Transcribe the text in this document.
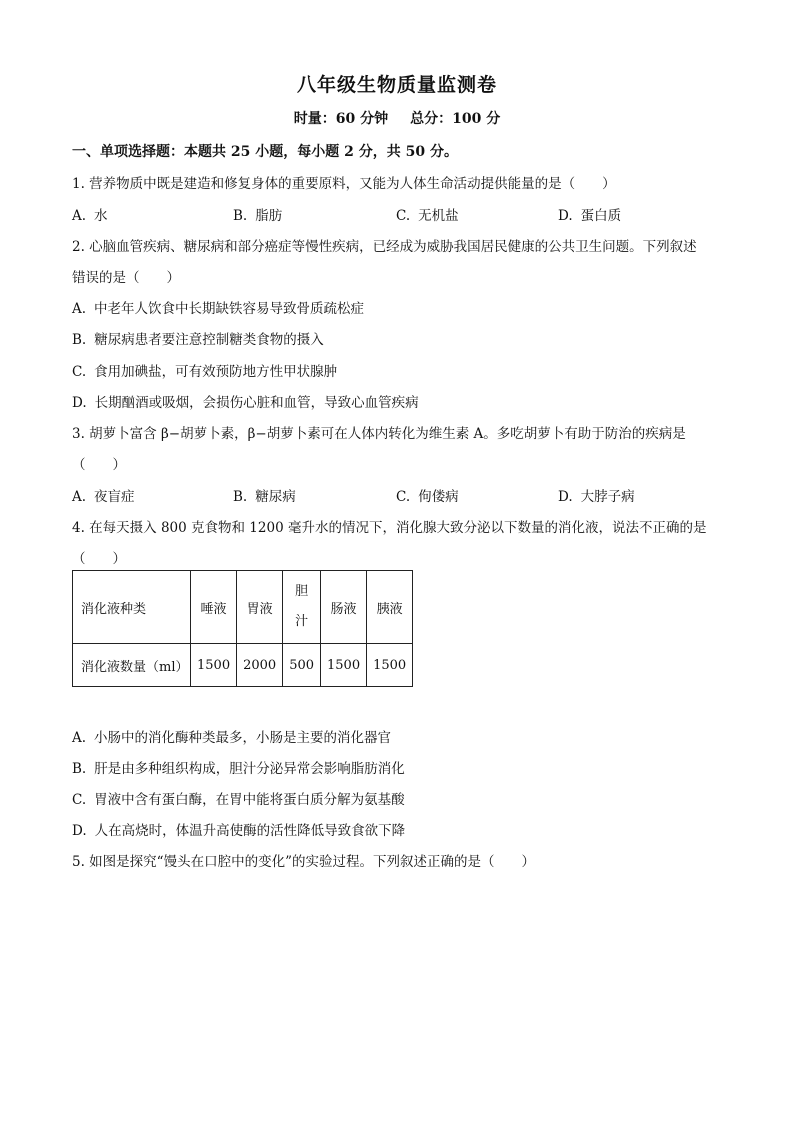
八年级生物质量监测卷
时量：60 分钟 总分：100 分
一、单项选择题：本题共 25 小题，每小题 2 分，共 50 分。
1. 营养物质中既是建造和修复身体的重要原料，又能为人体生命活动提供能量的是（　　）
A. 水	B. 脂肪	C. 无机盐	D. 蛋白质
2. 心脑血管疾病、糖尿病和部分癌症等慢性疾病，已经成为威胁我国居民健康的公共卫生问题。下列叙述
错误的是（　　）
A. 中老年人饮食中长期缺铁容易导致骨质疏松症
B. 糖尿病患者要注意控制糖类食物的摄入
C. 食用加碘盐，可有效预防地方性甲状腺肿
D. 长期酗酒或吸烟，会损伤心脏和血管，导致心血管疾病
3. 胡萝卜富含 β−胡萝卜素，β−胡萝卜素可在人体内转化为维生素 A。多吃胡萝卜有助于防治的疾病是
（　　）
A. 夜盲症	B. 糖尿病	C. 佝偻病	D. 大脖子病
4. 在每天摄入 800 克食物和 1200 毫升水的情况下，消化腺大致分泌以下数量的消化液，说法不正确的是
（　　）
消化液种类	唾液	胃液	胆汁	肠液	胰液
消化液数量（ml）	1500	2000	500	1500	1500
A. 小肠中的消化酶种类最多，小肠是主要的消化器官
B. 肝是由多种组织构成，胆汁分泌异常会影响脂肪消化
C. 胃液中含有蛋白酶，在胃中能将蛋白质分解为氨基酸
D. 人在高烧时，体温升高使酶的活性降低导致食欲下降
5. 如图是探究“馒头在口腔中的变化”的实验过程。下列叙述正确的是（　　）
